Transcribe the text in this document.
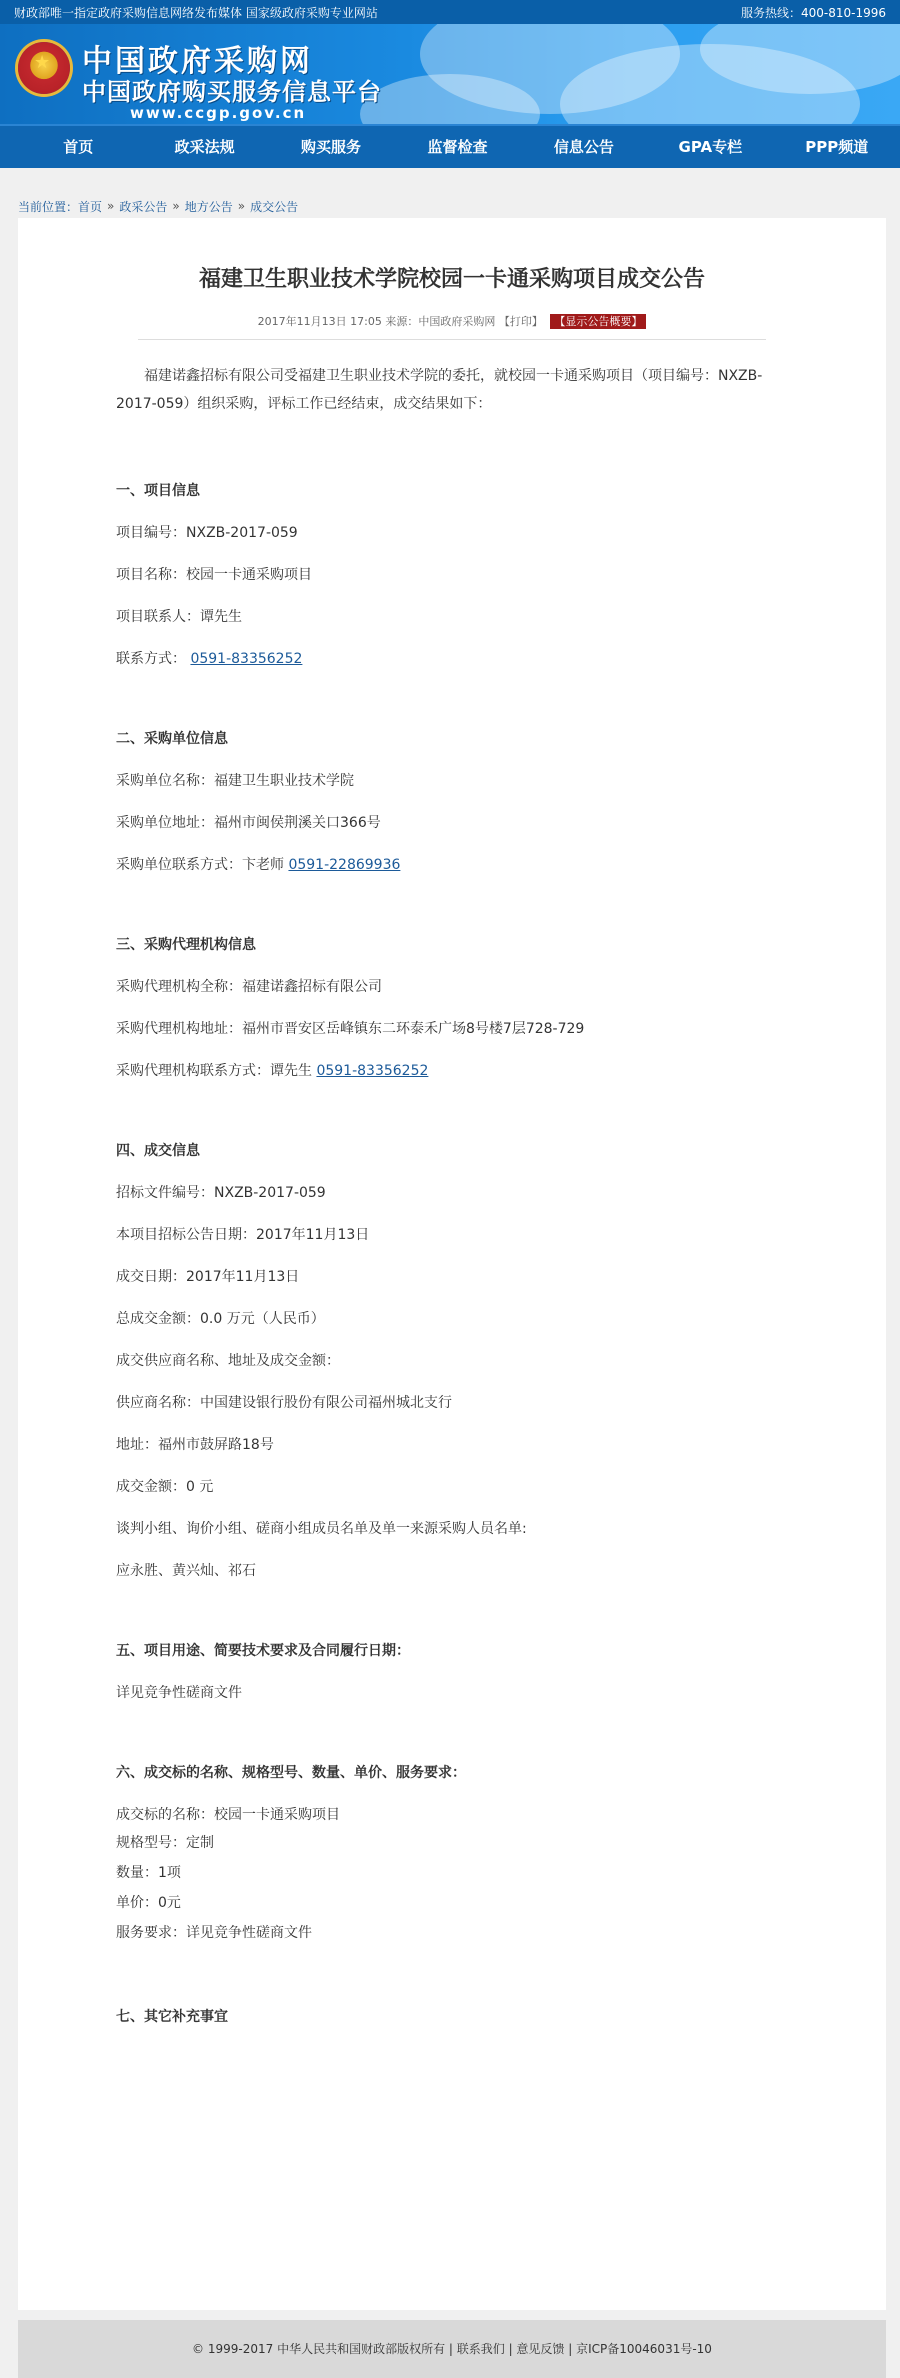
财政部唯一指定政府采购信息网络发布媒体 国家级政府采购专业网站	服务热线：400-810-1996
★ 中国政府采购网
中国政府购买服务信息平台
www.ccgp.gov.cn
首页	政采法规	购买服务	监督检查	信息公告	GPA专栏	PPP频道
当前位置： 首页 » 政采公告 » 地方公告 » 成交公告
福建卫生职业技术学院校园一卡通采购项目成交公告
2017年11月13日 17:05 来源：中国政府采购网 【打印】 【显示公告概要】
福建诺鑫招标有限公司受福建卫生职业技术学院的委托，就校园一卡通采购项目（项目编号：NXZB-2017-059）组织采购，评标工作已经结束，成交结果如下：
一、项目信息
项目编号：NXZB-2017-059
项目名称：校园一卡通采购项目
项目联系人：谭先生
联系方式： 0591-83356252
二、采购单位信息
采购单位名称：福建卫生职业技术学院
采购单位地址：福州市闽侯荆溪关口366号
采购单位联系方式：卞老师 0591-22869936
三、采购代理机构信息
采购代理机构全称：福建诺鑫招标有限公司
采购代理机构地址：福州市晋安区岳峰镇东二环泰禾广场8号楼7层728-729
采购代理机构联系方式：谭先生 0591-83356252
四、成交信息
招标文件编号：NXZB-2017-059
本项目招标公告日期：2017年11月13日
成交日期：2017年11月13日
总成交金额：0.0 万元（人民币）
成交供应商名称、地址及成交金额：
供应商名称：中国建设银行股份有限公司福州城北支行
地址：福州市鼓屏路18号
成交金额：0 元
谈判小组、询价小组、磋商小组成员名单及单一来源采购人员名单:
应永胜、黄兴灿、祁石
五、项目用途、简要技术要求及合同履行日期：
详见竞争性磋商文件
六、成交标的名称、规格型号、数量、单价、服务要求：
成交标的名称：校园一卡通采购项目
规格型号：定制
数量：1项
单价：0元
服务要求：详见竞争性磋商文件
七、其它补充事宜
© 1999-2017 中华人民共和国财政部版权所有 | 联系我们 | 意见反馈 | 京ICP备10046031号-10
